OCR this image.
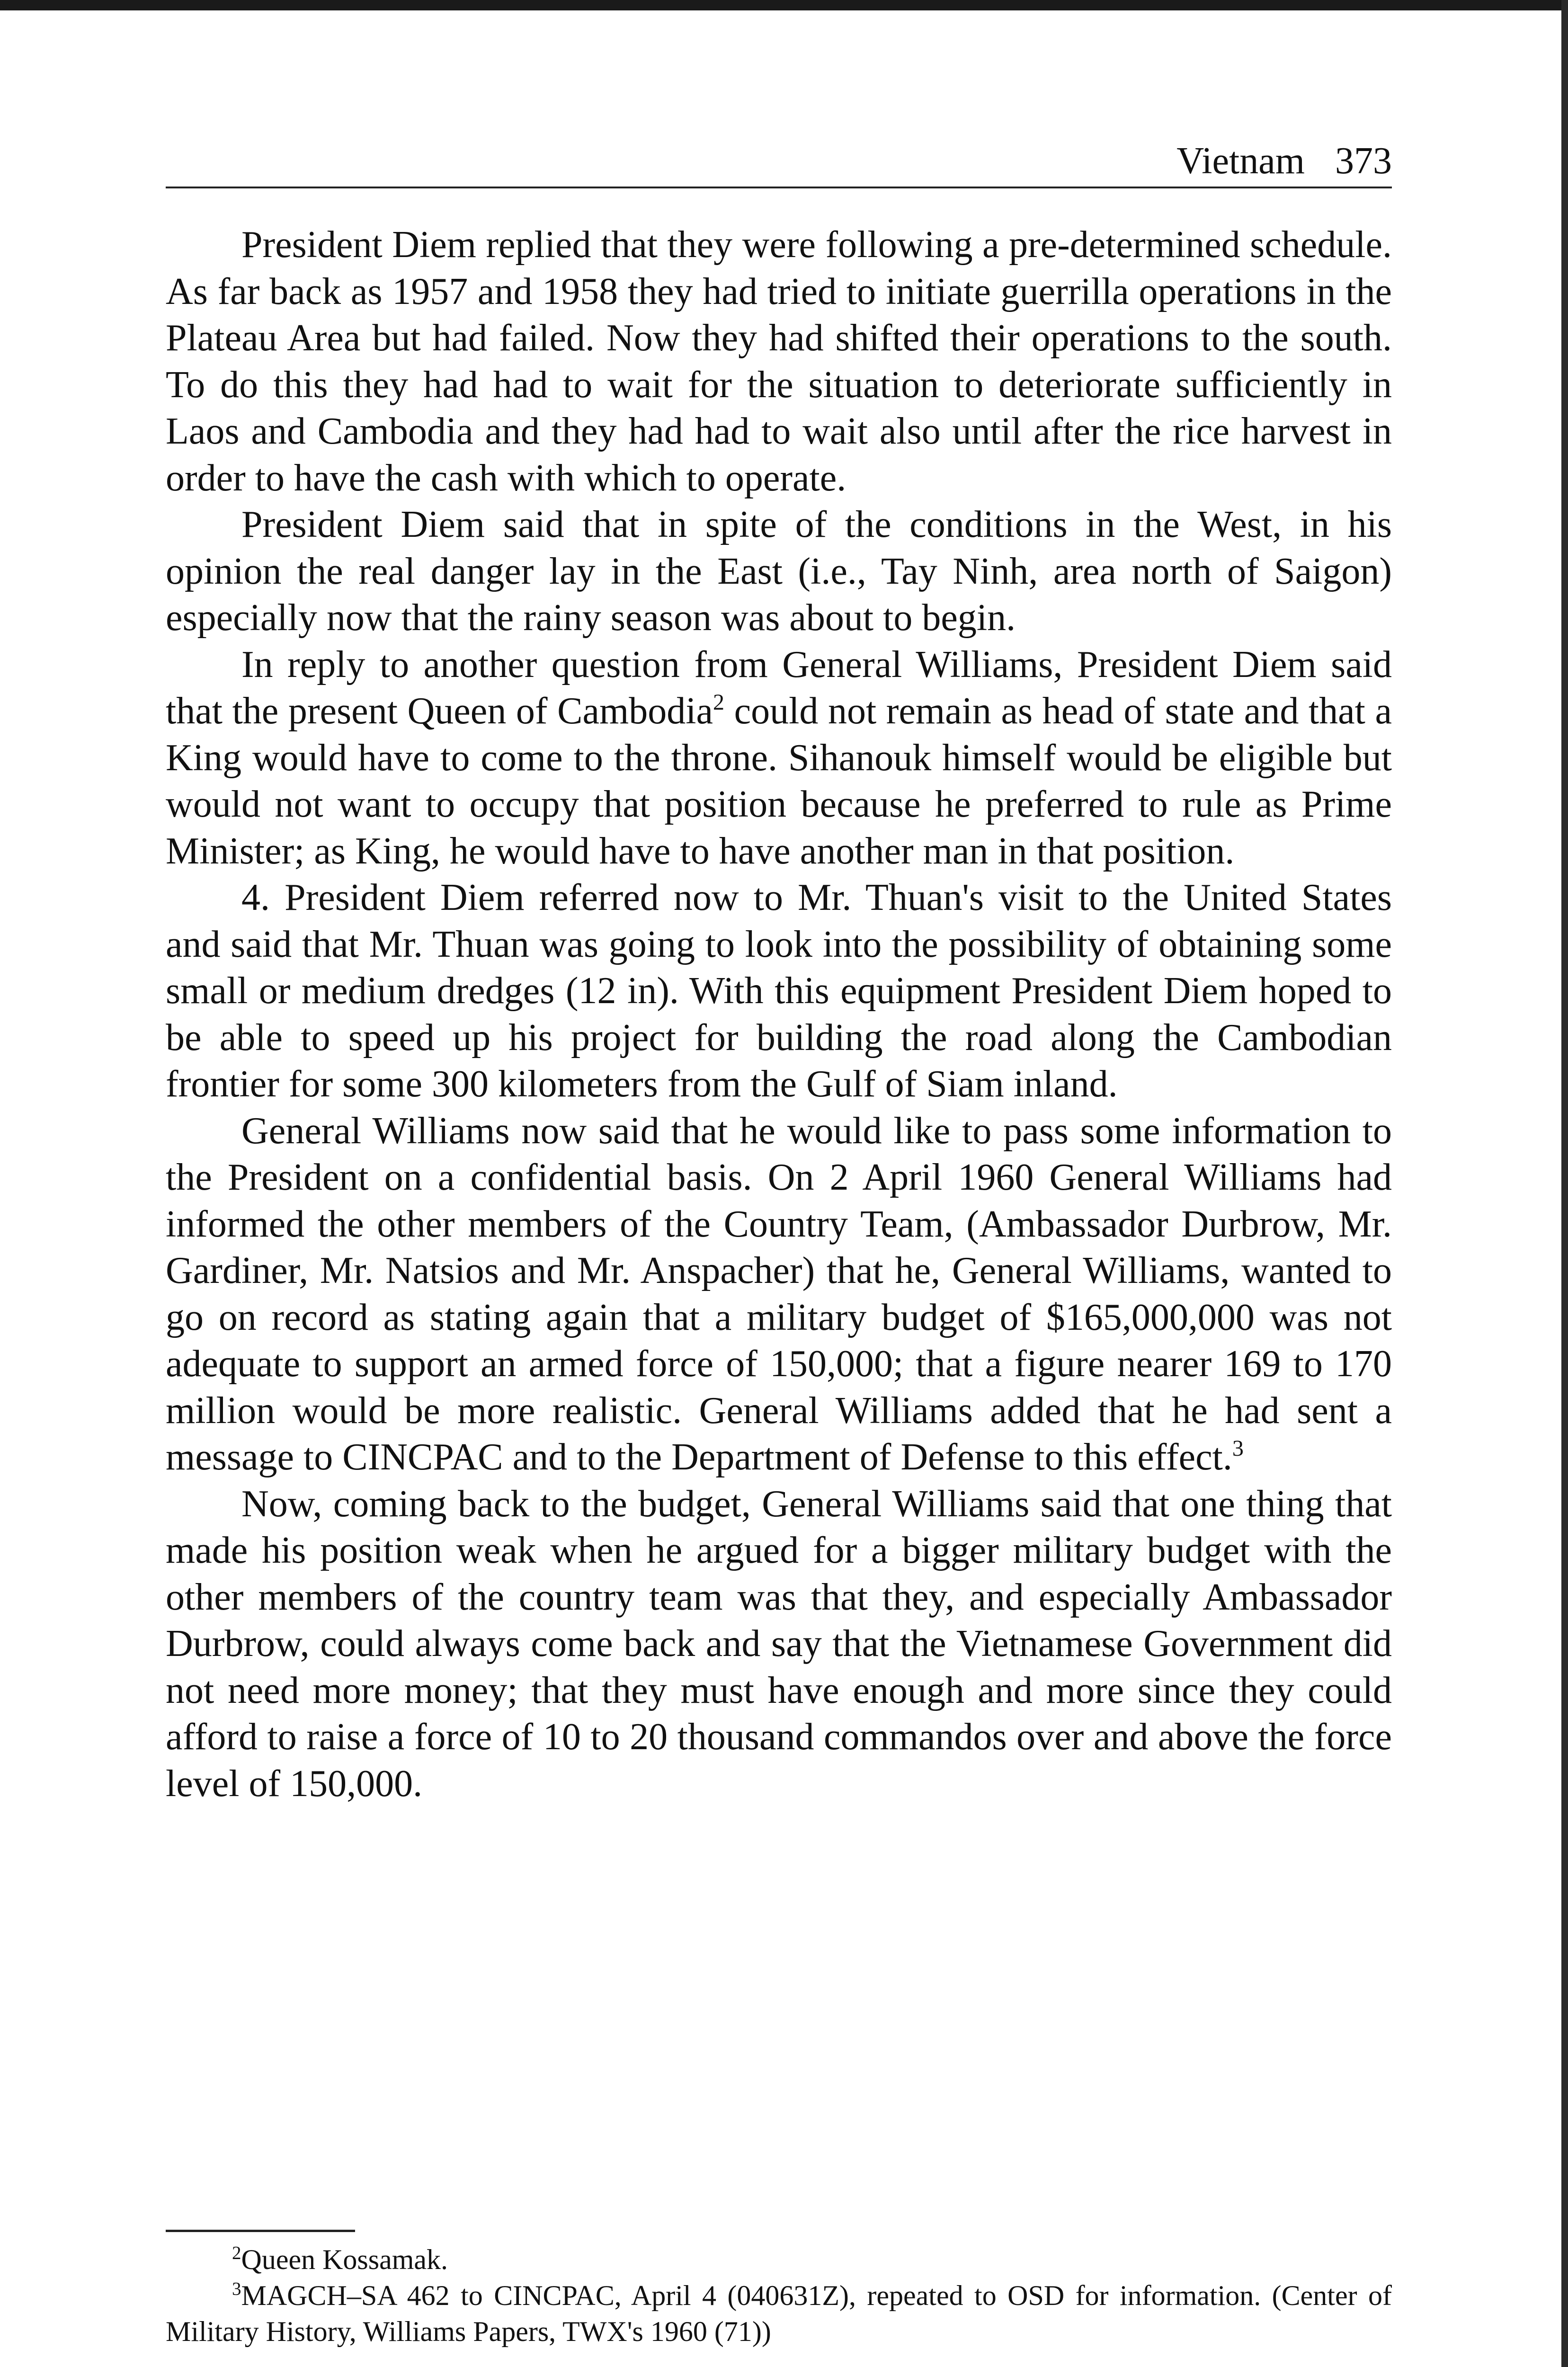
Vietnam 373

President Diem replied that they were following a pre-determined schedule. As far back as 1957 and 1958 they had tried to initiate guerrilla operations in the Plateau Area but had failed. Now they had shifted their operations to the south. To do this they had had to wait for the situation to deteriorate sufficiently in Laos and Cambodia and they had had to wait also until after the rice harvest in order to have the cash with which to operate.

President Diem said that in spite of the conditions in the West, in his opinion the real danger lay in the East (i.e., Tay Ninh, area north of Saigon) especially now that the rainy season was about to begin.

In reply to another question from General Williams, President Diem said that the present Queen of Cambodia$^2$ could not remain as head of state and that a King would have to come to the throne. Sihanouk himself would be eligible but would not want to occupy that position because he preferred to rule as Prime Minister; as King, he would have to have another man in that position.

4. President Diem referred now to Mr. Thuan's visit to the United States and said that Mr. Thuan was going to look into the possibility of obtaining some small or medium dredges (12 in). With this equipment President Diem hoped to be able to speed up his project for building the road along the Cambodian frontier for some 300 kilometers from the Gulf of Siam inland.

General Williams now said that he would like to pass some information to the President on a confidential basis. On 2 April 1960 General Williams had informed the other members of the Country Team, (Ambassador Durbrow, Mr. Gardiner, Mr. Natsios and Mr. Anspacher) that he, General Williams, wanted to go on record as stating again that a military budget of $165,000,000 was not adequate to support an armed force of 150,000; that a figure nearer 169 to 170 million would be more realistic. General Williams added that he had sent a message to CINCPAC and to the Department of Defense to this effect.$^3$

Now, coming back to the budget, General Williams said that one thing that made his position weak when he argued for a bigger military budget with the other members of the country team was that they, and especially Ambassador Durbrow, could always come back and say that the Vietnamese Government did not need more money; that they must have enough and more since they could afford to raise a force of 10 to 20 thousand commandos over and above the force level of 150,000.

$^2$Queen Kossamak.

$^3$MAGCH–SA 462 to CINCPAC, April 4 (040631Z), repeated to OSD for information. (Center of Military History, Williams Papers, TWX's 1960 (71))
